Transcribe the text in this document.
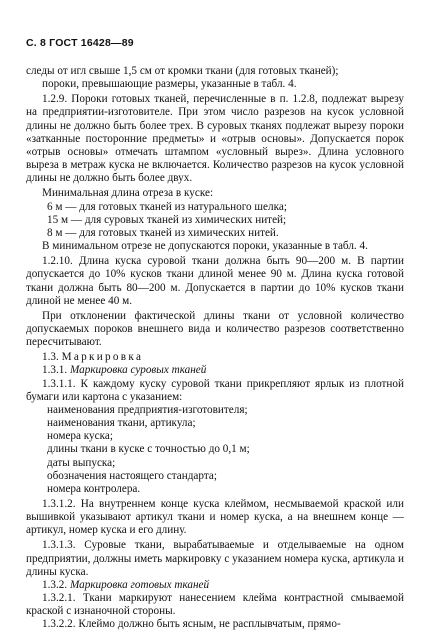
С. 8 ГОСТ 16428—89

следы от игл свыше 1,5 см от кромки ткани (для готовых тканей);

пороки, превышающие размеры, указанные в табл. 4.

1.2.9. Пороки готовых тканей, перечисленные в п. 1.2.8, подлежат вырезу на предприятии-изготовителе. При этом число разрезов на кусок условной длины не должно быть более трех. В суровых тканях подлежат вырезу пороки «затканные посторонние предметы» и «отрыв основы». Допускается порок «отрыв основы» отмечать штампом «условный вырез». Длина условного выреза в метраж куска не включается. Количество разрезов на кусок условной длины не должно быть более двух.

Минимальная длина отреза в куске:

6 м — для готовых тканей из натурального шелка;
15 м — для суровых тканей из химических нитей;
8 м — для готовых тканей из химических нитей.

В минимальном отрезе не допускаются пороки, указанные в табл. 4.

1.2.10. Длина куска суровой ткани должна быть 90—200 м. В партии допускается до 10% кусков ткани длиной менее 90 м. Длина куска готовой ткани должна быть 80—200 м. Допускается в партии до 10% кусков ткани длиной не менее 40 м.

При отклонении фактической длины ткани от условной количество допускаемых пороков внешнего вида и количество разрезов соответственно пересчитывают.

1.3. Маркировка

1.3.1. Маркировка суровых тканей

1.3.1.1. К каждому куску суровой ткани прикрепляют ярлык из плотной бумаги или картона с указанием:

наименования предприятия-изготовителя;
наименования ткани, артикула;
номера куска;
длины ткани в куске с точностью до 0,1 м;
даты выпуска;
обозначения настоящего стандарта;
номера контролера.

1.3.1.2. На внутреннем конце куска клеймом, несмываемой краской или вышивкой указывают артикул ткани и номер куска, а на внешнем конце — артикул, номер куска и его длину.

1.3.1.3. Суровые ткани, вырабатываемые и отделываемые на одном предприятии, должны иметь маркировку с указанием номера куска, артикула и длины куска.

1.3.2. Маркировка готовых тканей

1.3.2.1. Ткани маркируют нанесением клейма контрастной смываемой краской с изнаночной стороны.

1.3.2.2. Клеймо должно быть ясным, не расплывчатым, прямо-
